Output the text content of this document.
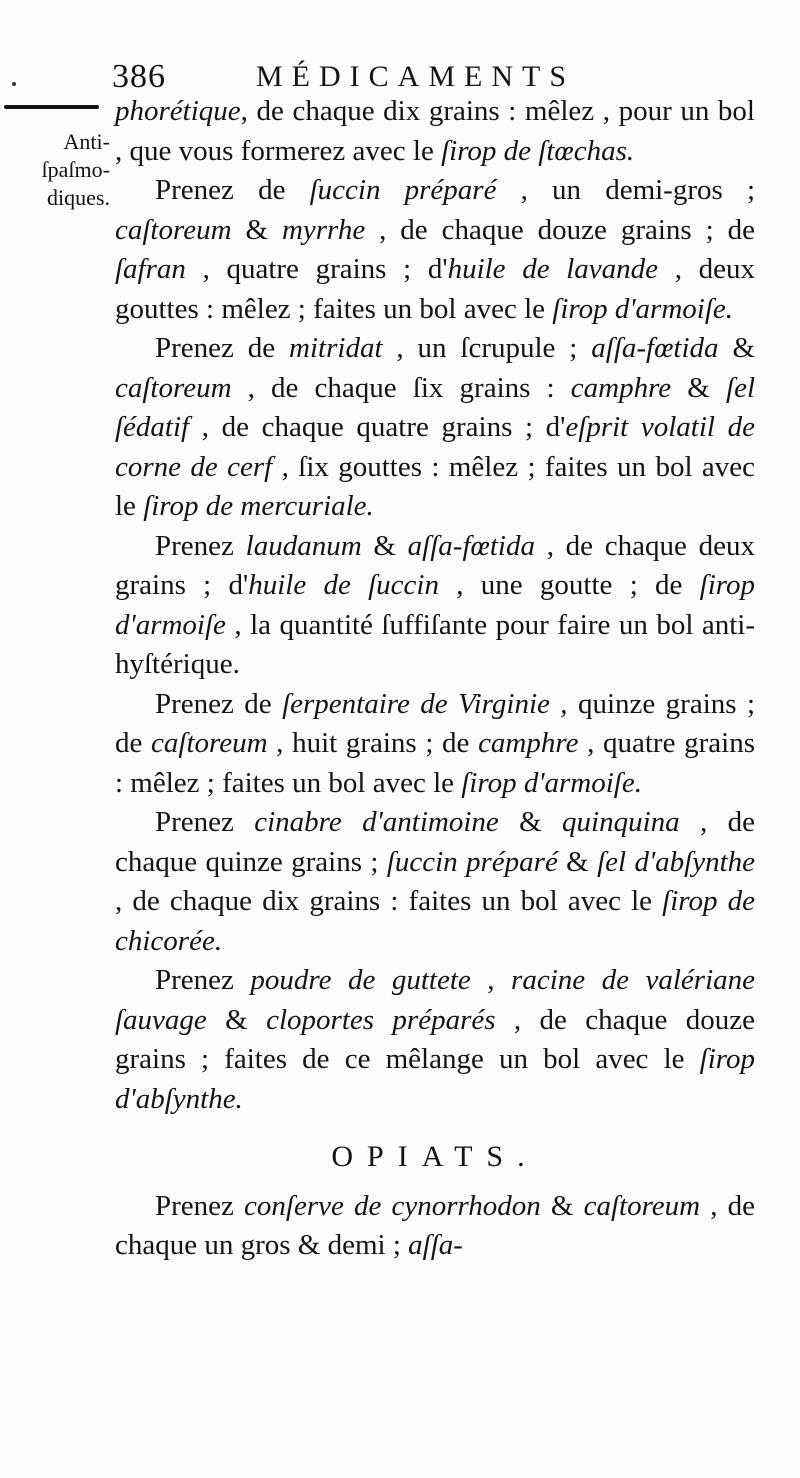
386	MÉDICAMENTS
Anti-
ſpaſmo-
diques.

phorétique, de chaque dix grains : mêlez , pour un bol , que vous formerez avec le ſirop de ſtœchas.

Prenez de ſuccin préparé , un demi-gros ; caſtoreum & myrrhe , de chaque douze grains ; de ſafran , quatre grains ; d'huile de lavande , deux gouttes : mêlez ; faites un bol avec le ſirop d'armoiſe.

Prenez de mitridat , un ſcrupule ; aſſa-fœtida & caſtoreum , de chaque ſix grains : camphre & ſel ſédatif , de chaque quatre grains ; d'eſprit volatil de corne de cerf , ſix gouttes : mêlez ; faites un bol avec le ſirop de mercuriale.

Prenez laudanum & aſſa-fœtida , de chaque deux grains ; d'huile de ſuccin , une goutte ; de ſirop d'armoiſe , la quantité ſuffiſante pour faire un bol anti-hyſtérique.

Prenez de ſerpentaire de Virginie , quinze grains ; de caſtoreum , huit grains ; de camphre , quatre grains : mêlez ; faites un bol avec le ſirop d'armoiſe.

Prenez cinabre d'antimoine & quinquina , de chaque quinze grains ; ſuccin préparé & ſel d'abſynthe , de chaque dix grains : faites un bol avec le ſirop de chicorée.

Prenez poudre de guttete , racine de valériane ſauvage & cloportes préparés , de chaque douze grains ; faites de ce mêlange un bol avec le ſirop d'abſynthe.

OPIATS.

Prenez conſerve de cynorrhodon & caſtoreum , de chaque un gros & demi ; aſſa-
